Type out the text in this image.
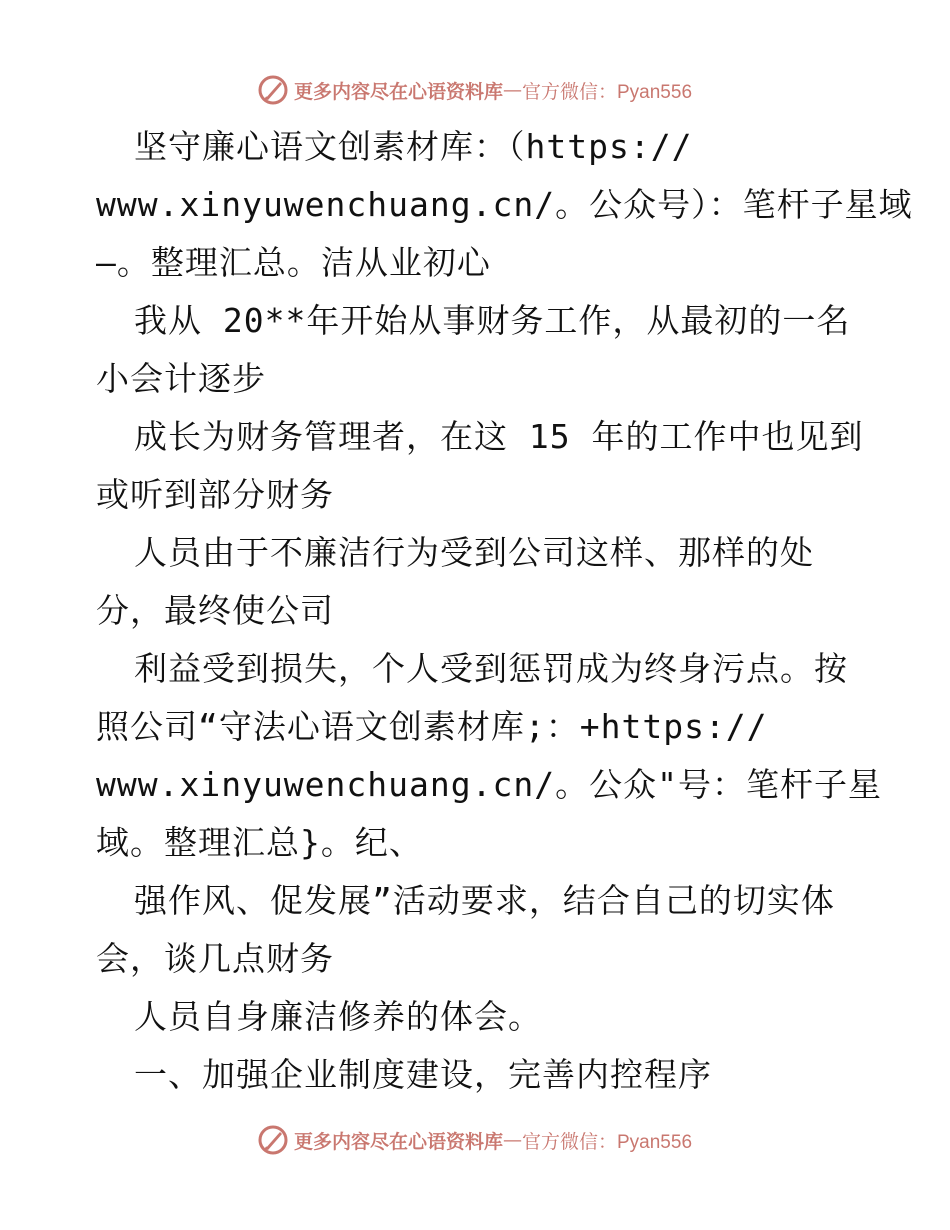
更多内容尽在心语资料库 — 官方微信：Pyan556
坚守廉心语文创素材库：（https://
www.xinyuwenchuang.cn/。公众号）：笔杆子星域
—。整理汇总。洁从业初心
我从 20**年开始从事财务工作，从最初的一名
小会计逐步
成长为财务管理者，在这 15 年的工作中也见到
或听到部分财务
人员由于不廉洁行为受到公司这样、那样的处
分，最终使公司
利益受到损失，个人受到惩罚成为终身污点。按
照公司“守法心语文创素材库;：+https://
www.xinyuwenchuang.cn/。公众"号：笔杆子星
域。整理汇总}。纪、
强作风、促发展”活动要求，结合自己的切实体
会，谈几点财务
人员自身廉洁修养的体会。
一、加强企业制度建设，完善内控程序
更多内容尽在心语资料库 — 官方微信：Pyan556
